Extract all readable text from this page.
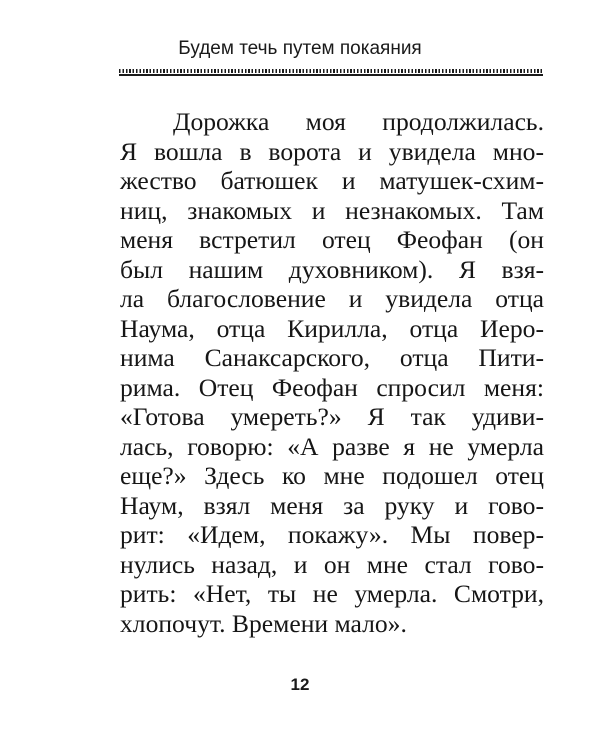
Будем течь путем покаяния
Дорожка моя продолжилась.
Я вошла в ворота и увидела мно-
жество батюшек и матушек-схим-
ниц, знакомых и незнакомых. Там
меня встретил отец Феофан (он
был нашим духовником). Я взя-
ла благословение и увидела отца
Наума, отца Кирилла, отца Иеро-
нима Санаксарского, отца Пити-
рима. Отец Феофан спросил меня:
«Готова умереть?» Я так удиви-
лась, говорю: «А разве я не умерла
еще?» Здесь ко мне подошел отец
Наум, взял меня за руку и гово-
рит: «Идем, покажу». Мы повер-
нулись назад, и он мне стал гово-
рить: «Нет, ты не умерла. Смотри,
хлопочут. Времени мало».
12
